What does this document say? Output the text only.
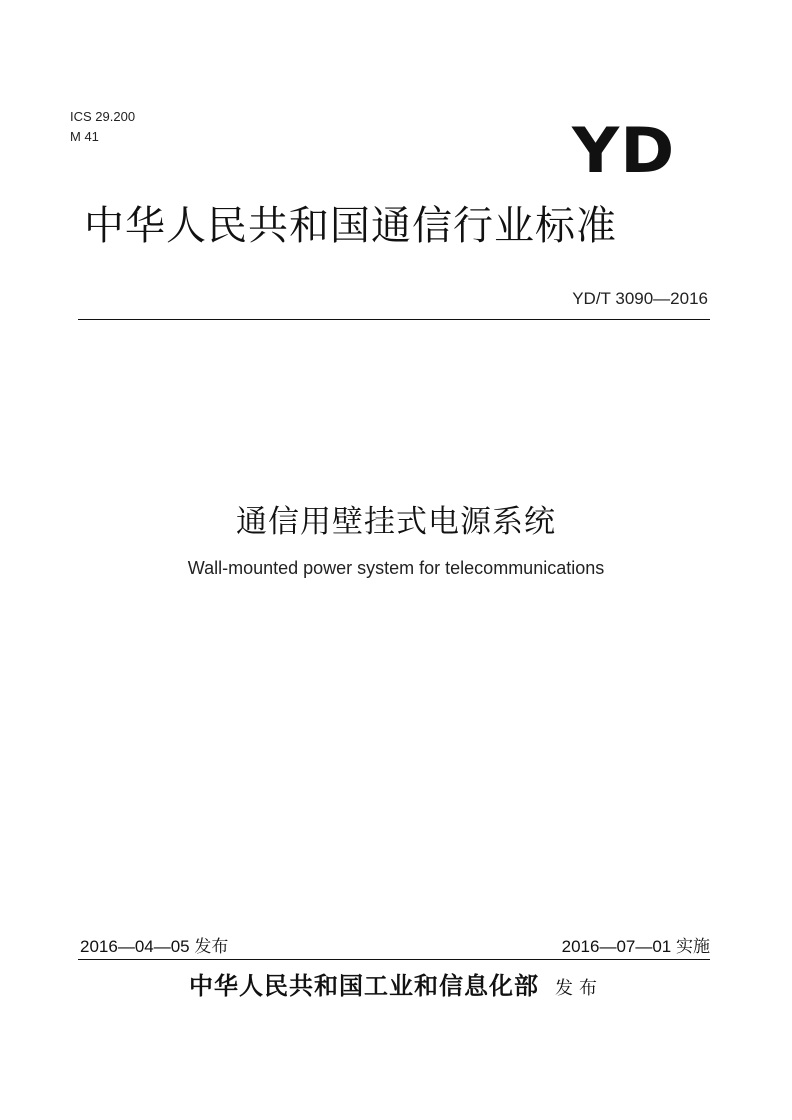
ICS 29.200
M 41	YD
中华人民共和国通信行业标准
YD/T 3090—2016
通信用壁挂式电源系统
Wall-mounted power system for telecommunications
2016—04—05 发布	2016—07—01 实施
中华人民共和国工业和信息化部 发布
